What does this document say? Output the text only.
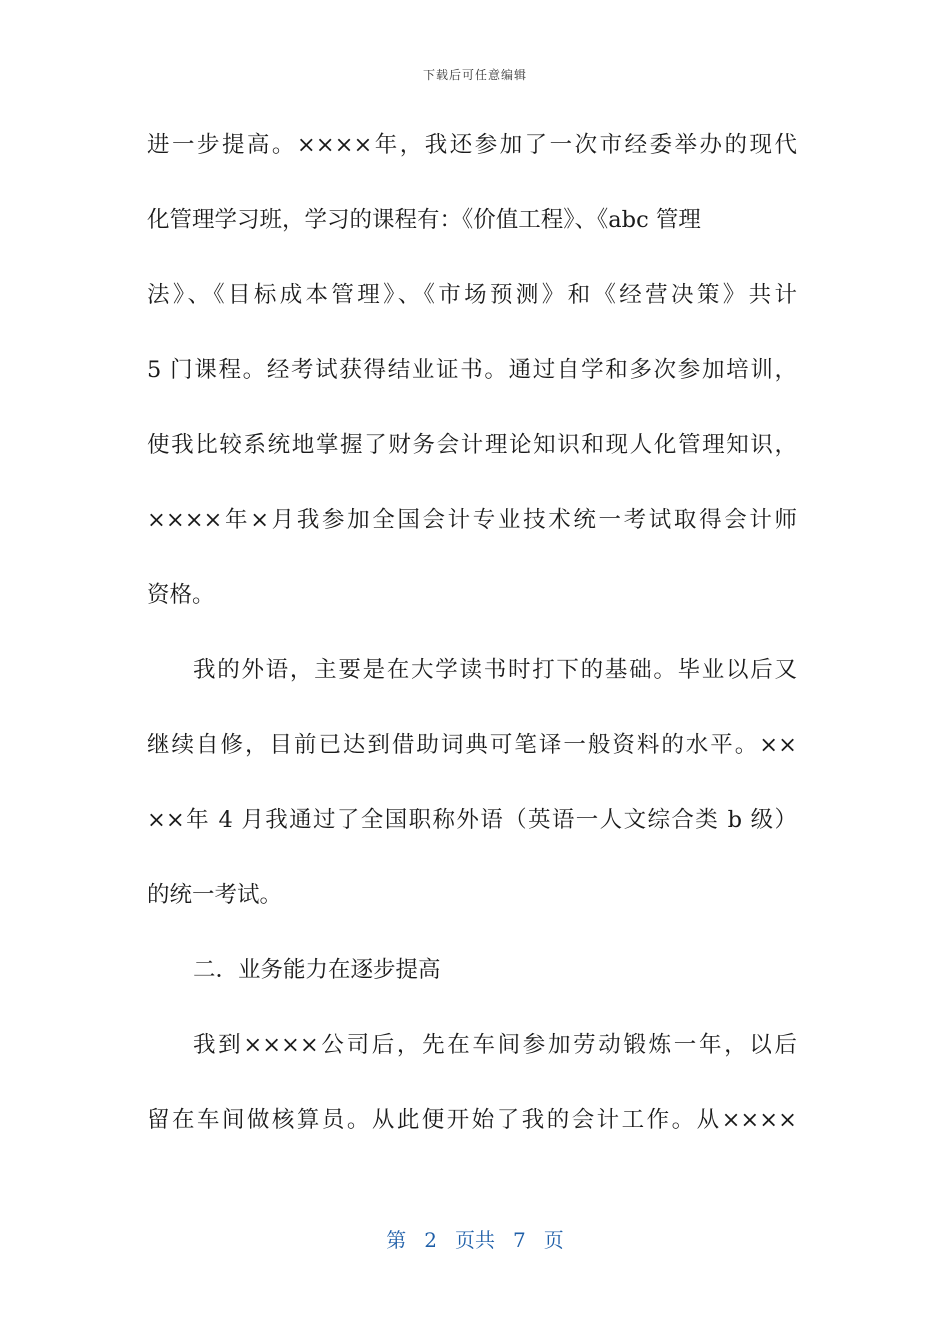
下载后可任意编辑
进一步提高。××××年，我还参加了一次市经委举办的现代
化管理学习班，学习的课程有：《价值工程》、《abc 管理
法》、《目标成本管理》、《市场预测》和《经营决策》共计
5 门课程。经考试获得结业证书。通过自学和多次参加培训，
使我比较系统地掌握了财务会计理论知识和现人化管理知识，
××××年×月我参加全国会计专业技术统一考试取得会计师
资格。
我的外语，主要是在大学读书时打下的基础。毕业以后又
继续自修，目前已达到借助词典可笔译一般资料的水平。××
××年 4 月我通过了全国职称外语（英语一人文综合类 b 级）
的统一考试。
二．业务能力在逐步提高
我到××××公司后，先在车间参加劳动锻炼一年，以后
留在车间做核算员。从此便开始了我的会计工作。从××××
第 2 页共 7 页
